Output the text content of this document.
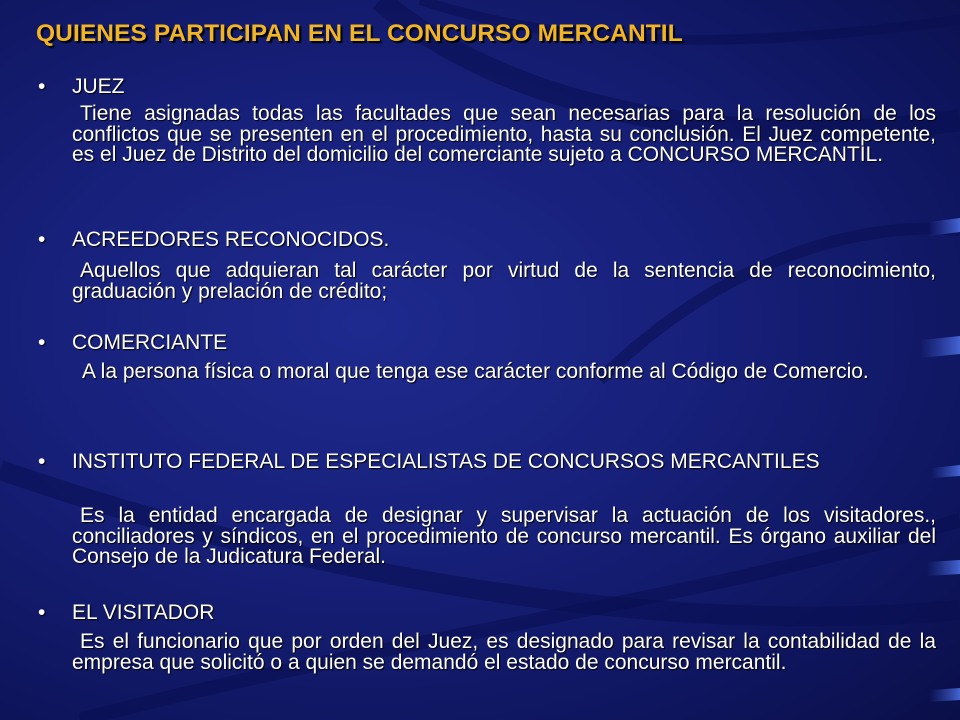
QUIENES PARTICIPAN EN EL CONCURSO MERCANTIL
• JUEZ
Tiene asignadas todas las facultades que sean necesarias para la resolución de los conflictos que se presenten en el procedimiento, hasta su conclusión. El Juez competente, es el Juez de Distrito del domicilio del comerciante sujeto a CONCURSO MERCANTIL.
• ACREEDORES RECONOCIDOS.
Aquellos que adquieran tal carácter por virtud de la sentencia de reconocimiento, graduación y prelación de crédito;
• COMERCIANTE
A la persona física o moral que tenga ese carácter conforme al Código de Comercio.
• INSTITUTO FEDERAL DE ESPECIALISTAS DE CONCURSOS MERCANTILES
Es la entidad encargada de designar y supervisar la actuación de los visitadores., conciliadores y síndicos, en el procedimiento de concurso mercantil. Es órgano auxiliar del Consejo de la Judicatura Federal.
• EL VISITADOR
Es el funcionario que por orden del Juez, es designado para revisar la contabilidad de la empresa que solicitó o a quien se demandó el estado de concurso mercantil.
